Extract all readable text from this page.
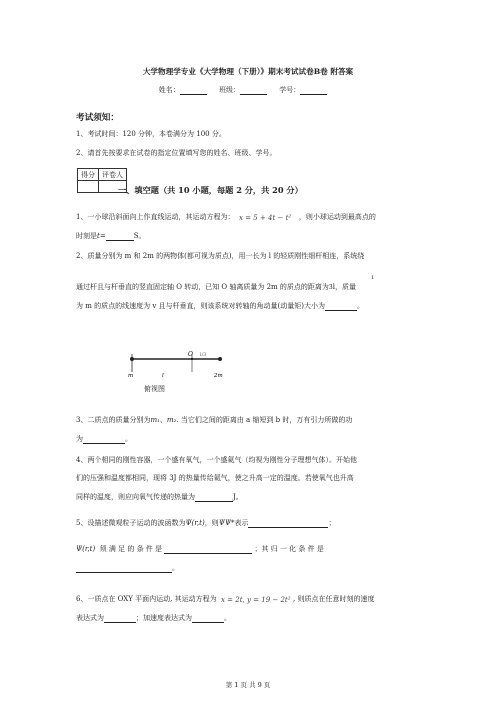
大学物理学专业《大学物理（下册）》期末考试试卷B卷 附答案
姓名：	班级：	学号：
考试须知：
1、考试时间：120 分钟，本卷满分为 100 分。
2、请首先按要求在试卷的指定位置填写您的姓名、班级、学号。
得分	评卷人

一、填空题（共 10 小题，每题 2 分，共 20 分）
1、一小球沿斜面向上作直线运动，其运动方程为： x = 5 + 4t − t² ，则小球运动到最高点的
时刻是t=	S。
2、质量分别为 m 和 2m 的两物体(都可视为质点)，用一长为 l 的轻质刚性细杆相连，系统绕
1
通过杆且与杆垂直的竖直固定轴 O 转动，已知 O 轴离质量为 2m 的质点的距离为3l，质量
为 m 的质点的线速度为 v 且与杆垂直，则该系统对转轴的角动量(动量矩)大小为	。
O l/3
m	l	2m
俯视图
3、二质点的质量分别为m₁、m₂. 当它们之间的距离由 a 缩短到 b 时，万有引力所做的功
为	。
4、两个相同的刚性容器，一个盛有氧气，一个盛氦气（均视为刚性分子理想气体）。开始他
们的压强和温度都相同，现将 3J 的热量传给氦气，使之升高一定的温度。若使氧气也升高
同样的温度，则应向氧气传递的热量为	J。
5、设描述微观粒子运动的波函数为Ψ(r,t)，则ΨΨ*表示	；
Ψ(r,t) 须 满 足 的 条 件 是	；其 归 一 化 条 件 是
。
6、一质点在 OXY 平面内运动, 其运动方程为 x = 2t, y = 19 − 2t² , 则质点在任意时刻的速度
表达式为	；加速度表达式为	。
第 1 页 共 9 页
